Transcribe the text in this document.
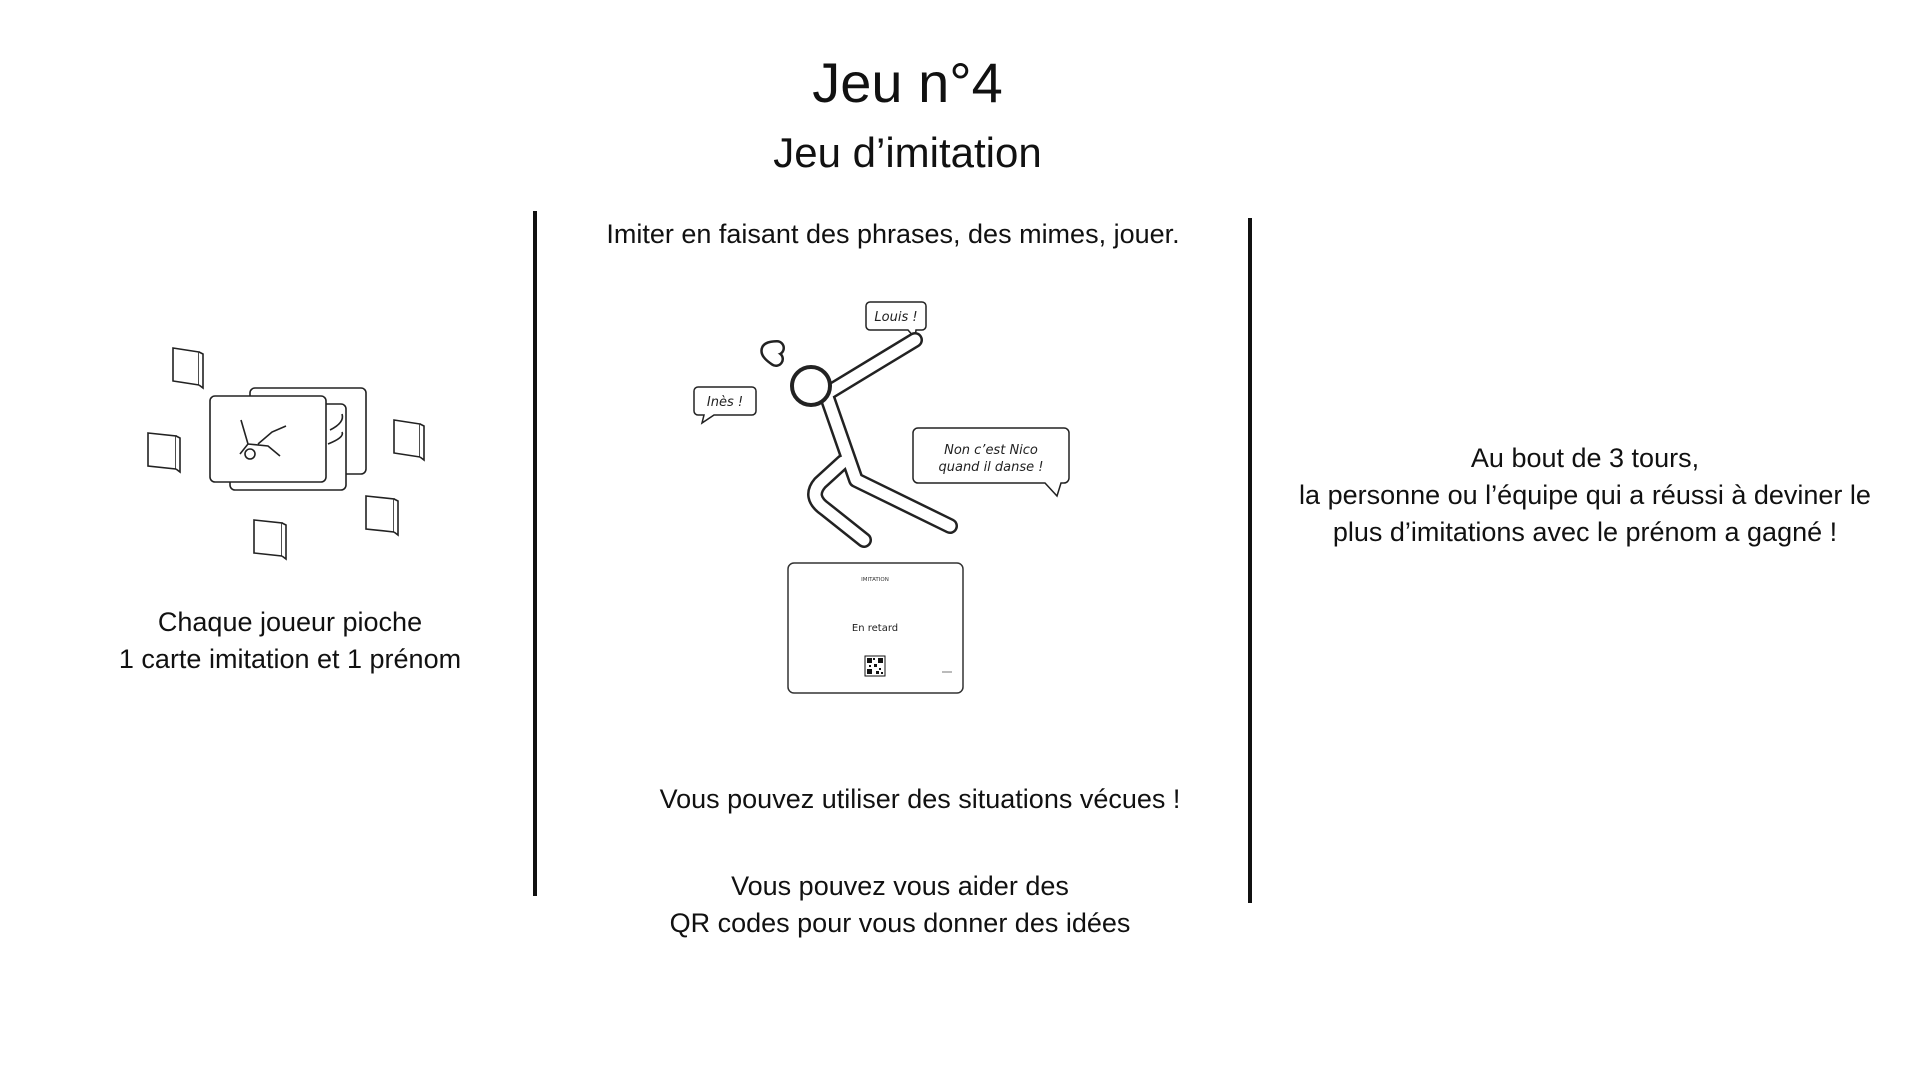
Jeu n°4
Jeu d’imitation
Chaque joueur pioche
1 carte imitation et 1 prénom
Imiter en faisant des phrases, des mimes, jouer.
Louis !
Inès !
Non c’est Nico
quand il danse !
IMITATION
En retard
Vous pouvez utiliser des situations vécues !
Vous pouvez vous aider des
QR codes pour vous donner des idées
Au bout de 3 tours,
la personne ou l’équipe qui a réussi à deviner le
plus d’imitations avec le prénom a gagné !
